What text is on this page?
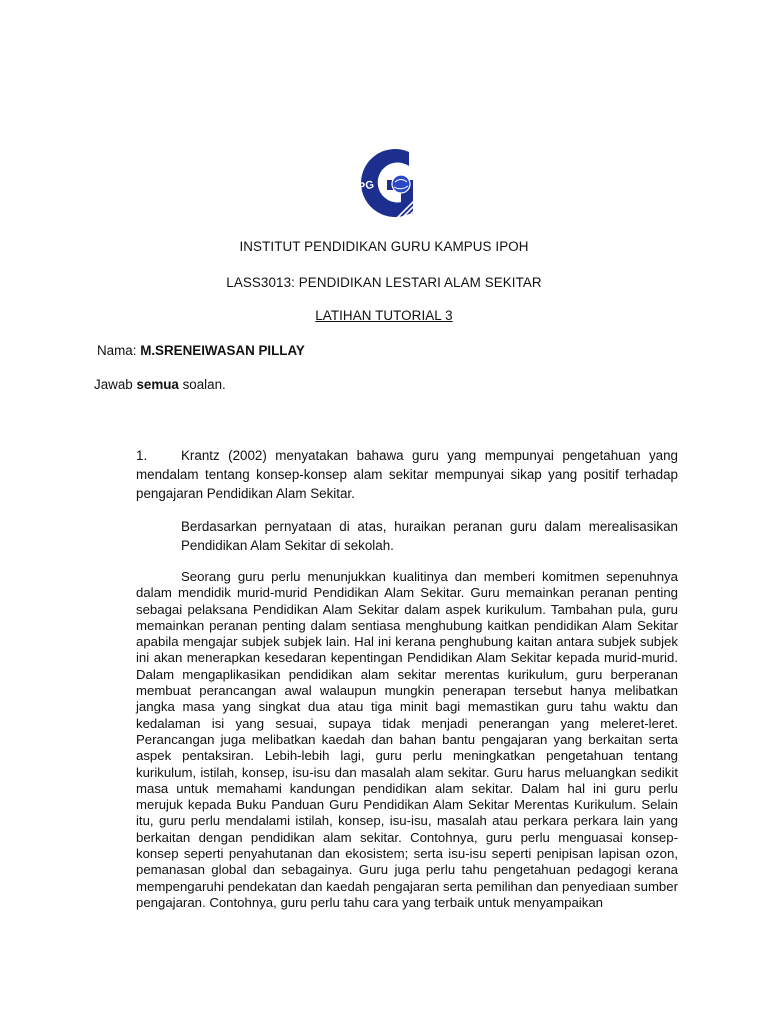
IPG
INSTITUT PENDIDIKAN GURU KAMPUS IPOH
LASS3013: PENDIDIKAN LESTARI ALAM SEKITAR
LATIHAN TUTORIAL 3
Nama: M.SRENEIWASAN PILLAY
Jawab semua soalan.
1.	Krantz (2002) menyatakan bahawa guru yang mempunyai pengetahuan yang mendalam tentang konsep-konsep alam sekitar mempunyai sikap yang positif terhadap pengajaran Pendidikan Alam Sekitar.
Berdasarkan pernyataan di atas, huraikan peranan guru dalam merealisasikan Pendidikan Alam Sekitar di sekolah.
Seorang guru perlu menunjukkan kualitinya dan memberi komitmen sepenuhnya dalam mendidik murid-murid Pendidikan Alam Sekitar. Guru memainkan peranan penting sebagai pelaksana Pendidikan Alam Sekitar dalam aspek kurikulum. Tambahan pula, guru memainkan peranan penting dalam sentiasa menghubung kaitkan pendidikan Alam Sekitar apabila mengajar subjek subjek lain. Hal ini kerana penghubung kaitan antara subjek subjek ini akan menerapkan kesedaran kepentingan Pendidikan Alam Sekitar kepada murid-murid. Dalam mengaplikasikan pendidikan alam sekitar merentas kurikulum, guru berperanan membuat perancangan awal walaupun mungkin penerapan tersebut hanya melibatkan jangka masa yang singkat dua atau tiga minit bagi memastikan guru tahu waktu dan kedalaman isi yang sesuai, supaya tidak menjadi penerangan yang meleret-leret. Perancangan juga melibatkan kaedah dan bahan bantu pengajaran yang berkaitan serta aspek pentaksiran. Lebih-lebih lagi, guru perlu meningkatkan pengetahuan tentang kurikulum, istilah, konsep, isu-isu dan masalah alam sekitar. Guru harus meluangkan sedikit masa untuk memahami kandungan pendidikan alam sekitar. Dalam hal ini guru perlu merujuk kepada Buku Panduan Guru Pendidikan Alam Sekitar Merentas Kurikulum. Selain itu, guru perlu mendalami istilah, konsep, isu-isu, masalah atau perkara perkara lain yang berkaitan dengan pendidikan alam sekitar. Contohnya, guru perlu menguasai konsep-konsep seperti penyahutanan dan ekosistem; serta isu-isu seperti penipisan lapisan ozon, pemanasan global dan sebagainya. Guru juga perlu tahu pengetahuan pedagogi kerana mempengaruhi pendekatan dan kaedah pengajaran serta pemilihan dan penyediaan sumber pengajaran. Contohnya, guru perlu tahu cara yang terbaik untuk menyampaikan
